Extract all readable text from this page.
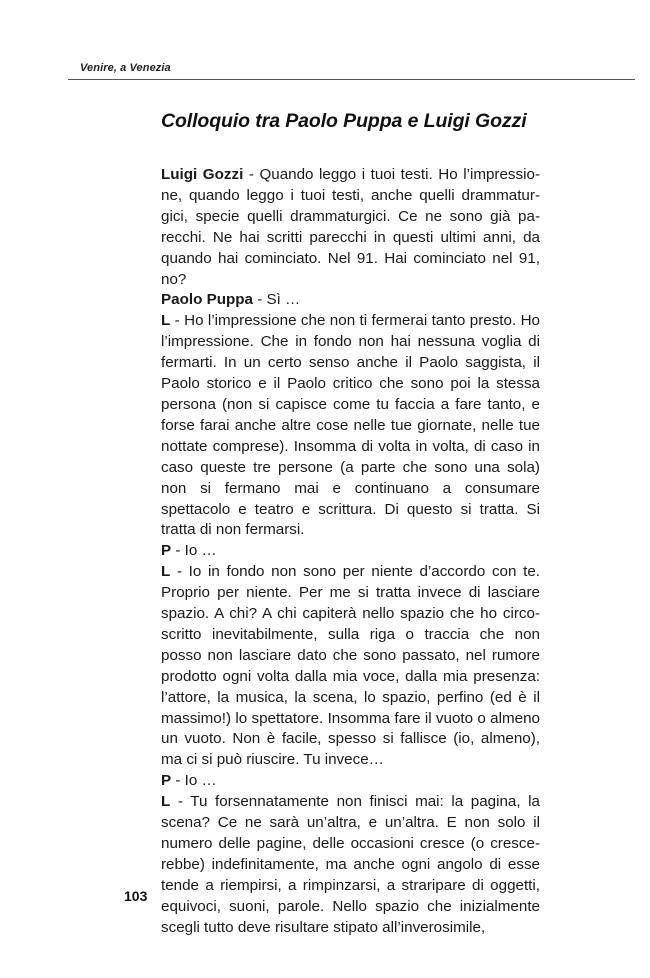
Venire, a Venezia
Colloquio tra Paolo Puppa e Luigi Gozzi

Luigi Gozzi - Quando leggo i tuoi testi. Ho l’impressione, quando leggo i tuoi testi, anche quelli drammaturgici, specie quelli drammaturgici. Ce ne sono già parecchi. Ne hai scritti parecchi in questi ultimi anni, da quando hai cominciato. Nel 91. Hai cominciato nel 91, no?

Paolo Puppa - Sì …

L - Ho l’impressione che non ti fermerai tanto presto. Ho l’impressione. Che in fondo non hai nessuna voglia di fermarti. In un certo senso anche il Paolo saggista, il Paolo storico e il Paolo critico che sono poi la stessa persona (non si capisce come tu faccia a fare tanto, e forse farai anche altre cose nelle tue giornate, nelle tue nottate comprese). Insomma di volta in volta, di caso in caso queste tre persone (a parte che sono una sola) non si fermano mai e continuano a consumare spettacolo e teatro e scrittura. Di questo si tratta. Si tratta di non fermarsi.

P - Io …

L - Io in fondo non sono per niente d’accordo con te. Proprio per niente. Per me si tratta invece di lasciare spazio. A chi? A chi capiterà nello spazio che ho circoscritto inevitabilmente, sulla riga o traccia che non posso non lasciare dato che sono passato, nel rumore prodotto ogni volta dalla mia voce, dalla mia presenza: l’attore, la musica, la scena, lo spazio, perfino (ed è il massimo!) lo spettatore. Insomma fare il vuoto o almeno un vuoto. Non è facile, spesso si fallisce (io, almeno), ma ci si può riuscire. Tu invece…

P - Io …

L - Tu forsennatamente non finisci mai: la pagina, la scena? Ce ne sarà un’altra, e un’altra. E non solo il numero delle pagine, delle occasioni cresce (o crescerebbe) indefinitamente, ma anche ogni angolo di esse tende a riempirsi, a rimpinzarsi, a straripare di oggetti, equivoci, suoni, parole. Nello spazio che inizialmente scegli tutto deve risultare stipato all’inverosimile,

103
